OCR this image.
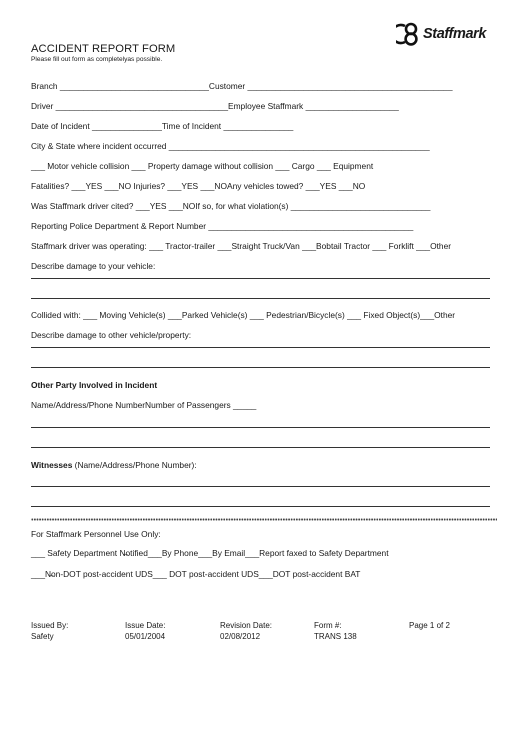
Staffmark
ACCIDENT REPORT FORM
Please fill out form as completelyas possible.
Branch ________________________________Customer ____________________________________________
Driver _____________________________________Employee Staffmark ____________________
Date of Incident _______________Time of Incident _______________
City & State where incident occurred ________________________________________________________
___ Motor vehicle collision ___ Property damage without collision ___ Cargo ___ Equipment
Fatalities? ___YES ___NO Injuries? ___YES ___NOAny vehicles towed? ___YES ___NO
Was Staffmark driver cited? ___YES ___NOIf so, for what violation(s) ______________________________
Reporting Police Department & Report Number ____________________________________________
Staffmark driver was operating: ___ Tractor-trailer ___Straight Truck/Van ___Bobtail Tractor ___ Forklift ___Other
Describe damage to your vehicle:
Collided with: ___ Moving Vehicle(s) ___Parked Vehicle(s) ___ Pedestrian/Bicycle(s) ___ Fixed Object(s)___Other
Describe damage to other vehicle/property:
Other Party Involved in Incident
Name/Address/Phone NumberNumber of Passengers _____
Witnesses (Name/Address/Phone Number):
For Staffmark Personnel Use Only:
___ Safety Department N̶otified___By Phone___By Email___Report faxed to Safety Department
___N̶on-DOT post-accident UDS___ DOT post-accident UDS___DOT post-accident BAT
Issued By:
Safety
Issue Date:
05/01/2004
Revision Date:
02/08/2012
Form #:
TRANS 138
Page 1 of 2
